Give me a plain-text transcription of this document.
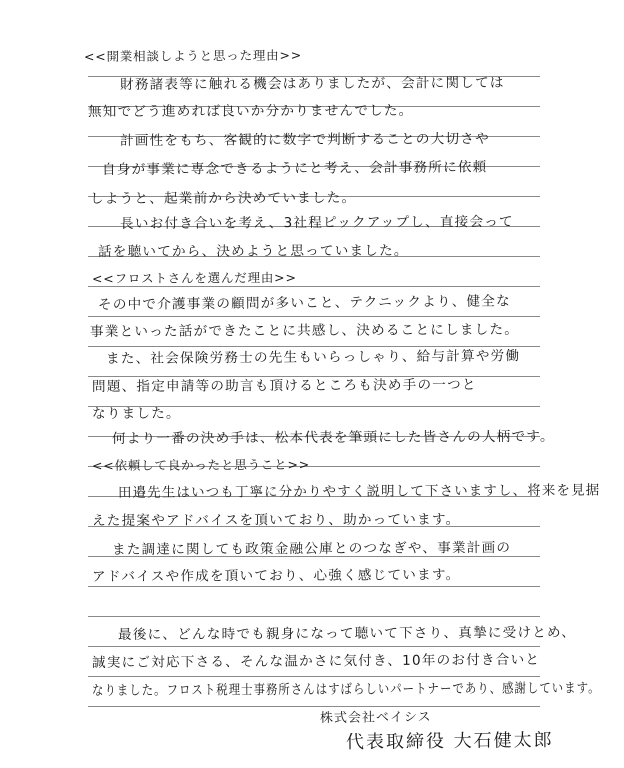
<<開業相談しようと思った理由>>
財務諸表等に触れる機会はありましたが、会計に関しては
無知でどう進めれば良いか分かりませんでした。
計画性をもち、客観的に数字で判断することの大切さや
自身が事業に専念できるようにと考え、会計事務所に依頼
しようと、起業前から決めていました。
長いお付き合いを考え、3社程ピックアップし、直接会って
話を聴いてから、決めようと思っていました。
<<フロストさんを選んだ理由>>
その中で介護事業の顧問が多いこと、テクニックより、健全な
事業といった話ができたことに共感し、決めることにしました。
また、社会保険労務士の先生もいらっしゃり、給与計算や労働
問題、指定申請等の助言も頂けるところも決め手の一つと
なりました。
何より一番の決め手は、松本代表を筆頭にした皆さんの人柄です。
<<依頼して良かったと思うこと>>
田邉先生はいつも丁寧に分かりやすく説明して下さいますし、将来を見据
えた提案やアドバイスを頂いており、助かっています。
また調達に関しても政策金融公庫とのつなぎや、事業計画の
アドバイスや作成を頂いており、心強く感じています。
最後に、どんな時でも親身になって聴いて下さり、真摯に受けとめ、
誠実にご対応下さる、そんな温かさに気付き、10年のお付き合いと
なりました。フロスト税理士事務所さんはすばらしいパートナーであり、感謝しています。
株式会社ベイシス
代表取締役 大石健太郎
